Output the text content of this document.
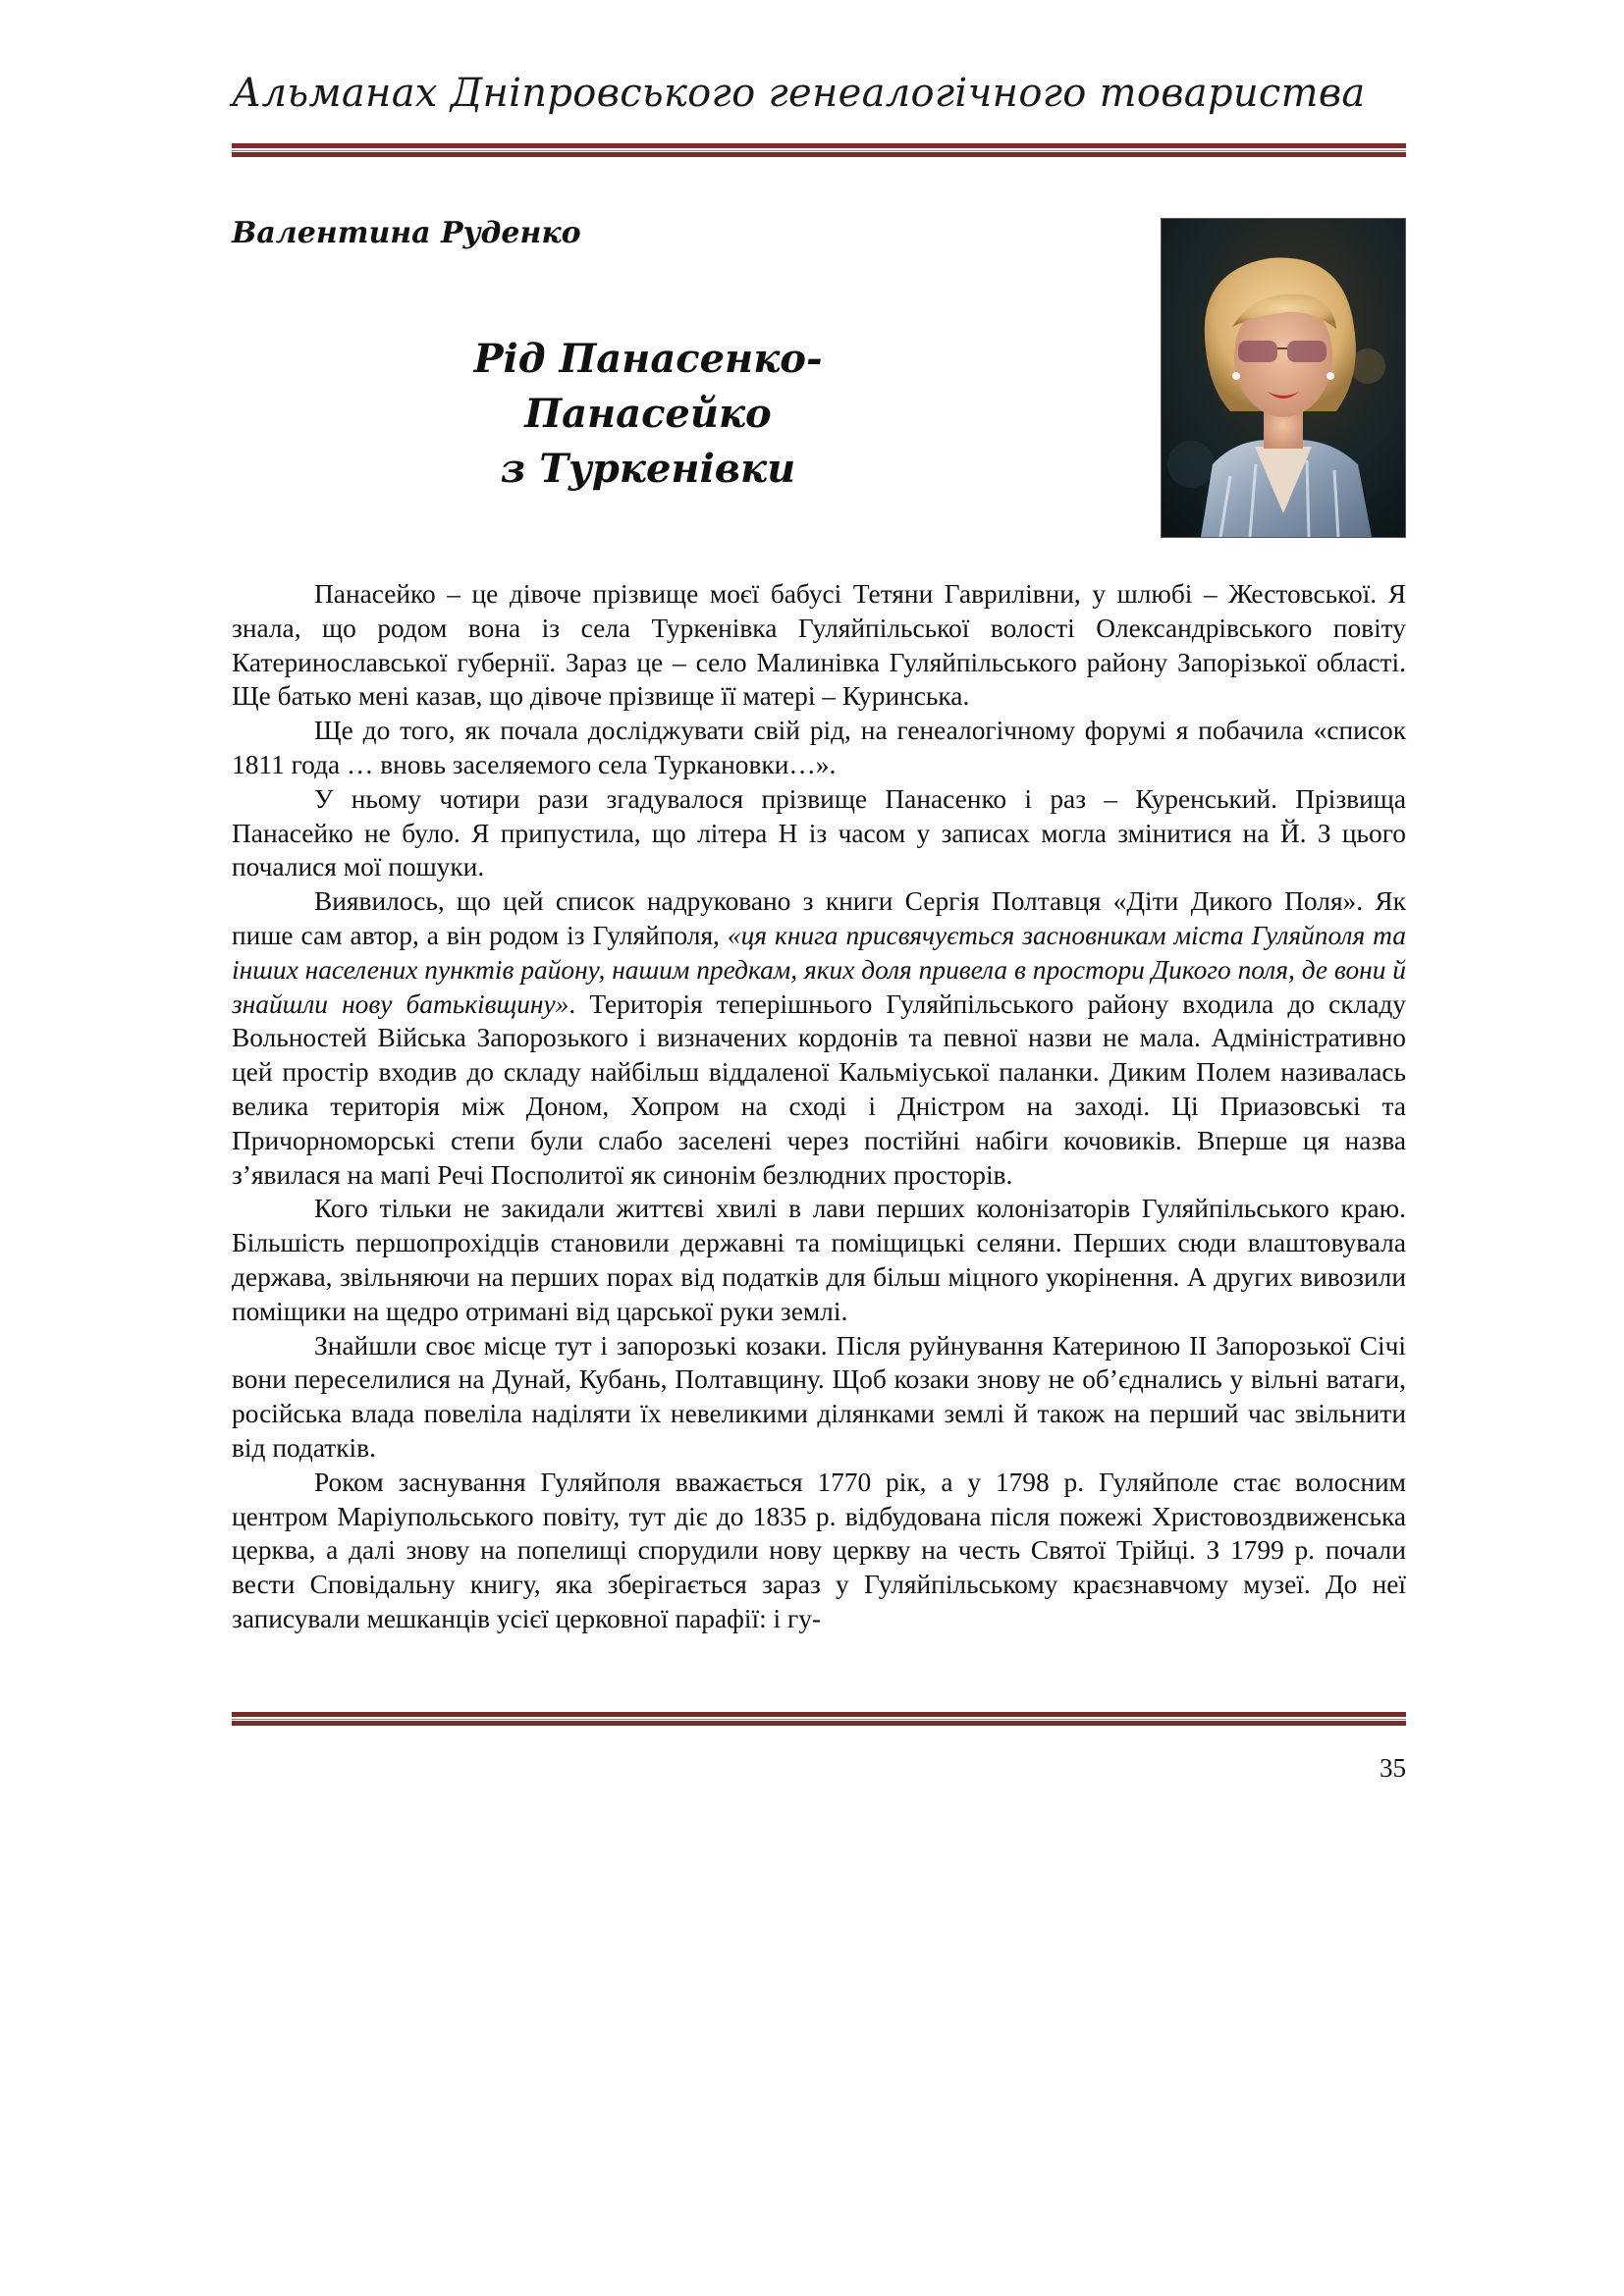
Альманах Дніпровського генеалогічного товариства
Валентина Руденко
Рід Панасенко-Панасейко
з Туркенівки

Панасейко – це дівоче прізвище моєї бабусі Тетяни Гаврилівни, у шлюбі – Жестовської. Я знала, що родом вона із села Туркенівка Гуляйпільської волості Олександрівського повіту Катеринославської губернії. Зараз це – село Малинівка Гуляйпільського району Запорізької області. Ще батько мені казав, що дівоче прізвище її матері – Куринська.

Ще до того, як почала досліджувати свій рід, на генеалогічному форумі я побачила «список 1811 года … вновь заселяемого села Туркановки…».

У ньому чотири рази згадувалося прізвище Панасенко і раз – Куренський. Прізвища Панасейко не було. Я припустила, що літера Н із часом у записах могла змінитися на Й. З цього почалися мої пошуки.

Виявилось, що цей список надруковано з книги Сергія Полтавця «Діти Дикого Поля». Як пише сам автор, а він родом із Гуляйполя, «ця книга присвячується засновникам міста Гуляйполя та інших населених пунктів району, нашим предкам, яких доля привела в простори Дикого поля, де вони й знайшли нову батьківщину». Територія теперішнього Гуляйпільського району входила до складу Вольностей Війська Запорозького і визначених кордонів та певної назви не мала. Адміністративно цей простір входив до складу найбільш віддаленої Кальміуської паланки. Диким Полем називалась велика територія між Доном, Хопром на сході і Дністром на заході. Ці Приазовські та Причорноморські степи були слабо заселені через постійні набіги кочовиків. Вперше ця назва з’явилася на мапі Речі Посполитої як синонім безлюдних просторів.

Кого тільки не закидали життєві хвилі в лави перших колонізаторів Гуляйпільського краю. Більшість першопрохідців становили державні та поміщицькі селяни. Перших сюди влаштовувала держава, звільняючи на перших порах від податків для більш міцного укорінення. А других вивозили поміщики на щедро отримані від царської руки землі.

Знайшли своє місце тут і запорозькі козаки. Після руйнування Катериною II Запорозької Січі вони переселилися на Дунай, Кубань, Полтавщину. Щоб козаки знову не об’єднались у вільні ватаги, російська влада повеліла наділяти їх невеликими ділянками землі й також на перший час звільнити від податків.

Роком заснування Гуляйполя вважається 1770 рік, а у 1798 р. Гуляйполе стає волосним центром Маріупольського повіту, тут діє до 1835 р. відбудована після пожежі Христовоздвиженська церква, а далі знову на попелищі спорудили нову церкву на честь Святої Трійці. З 1799 р. почали вести Сповідальну книгу, яка зберігається зараз у Гуляйпільському краєзнавчому музеї. До неї записували мешканців усієї церковної парафії: і гу-

35
